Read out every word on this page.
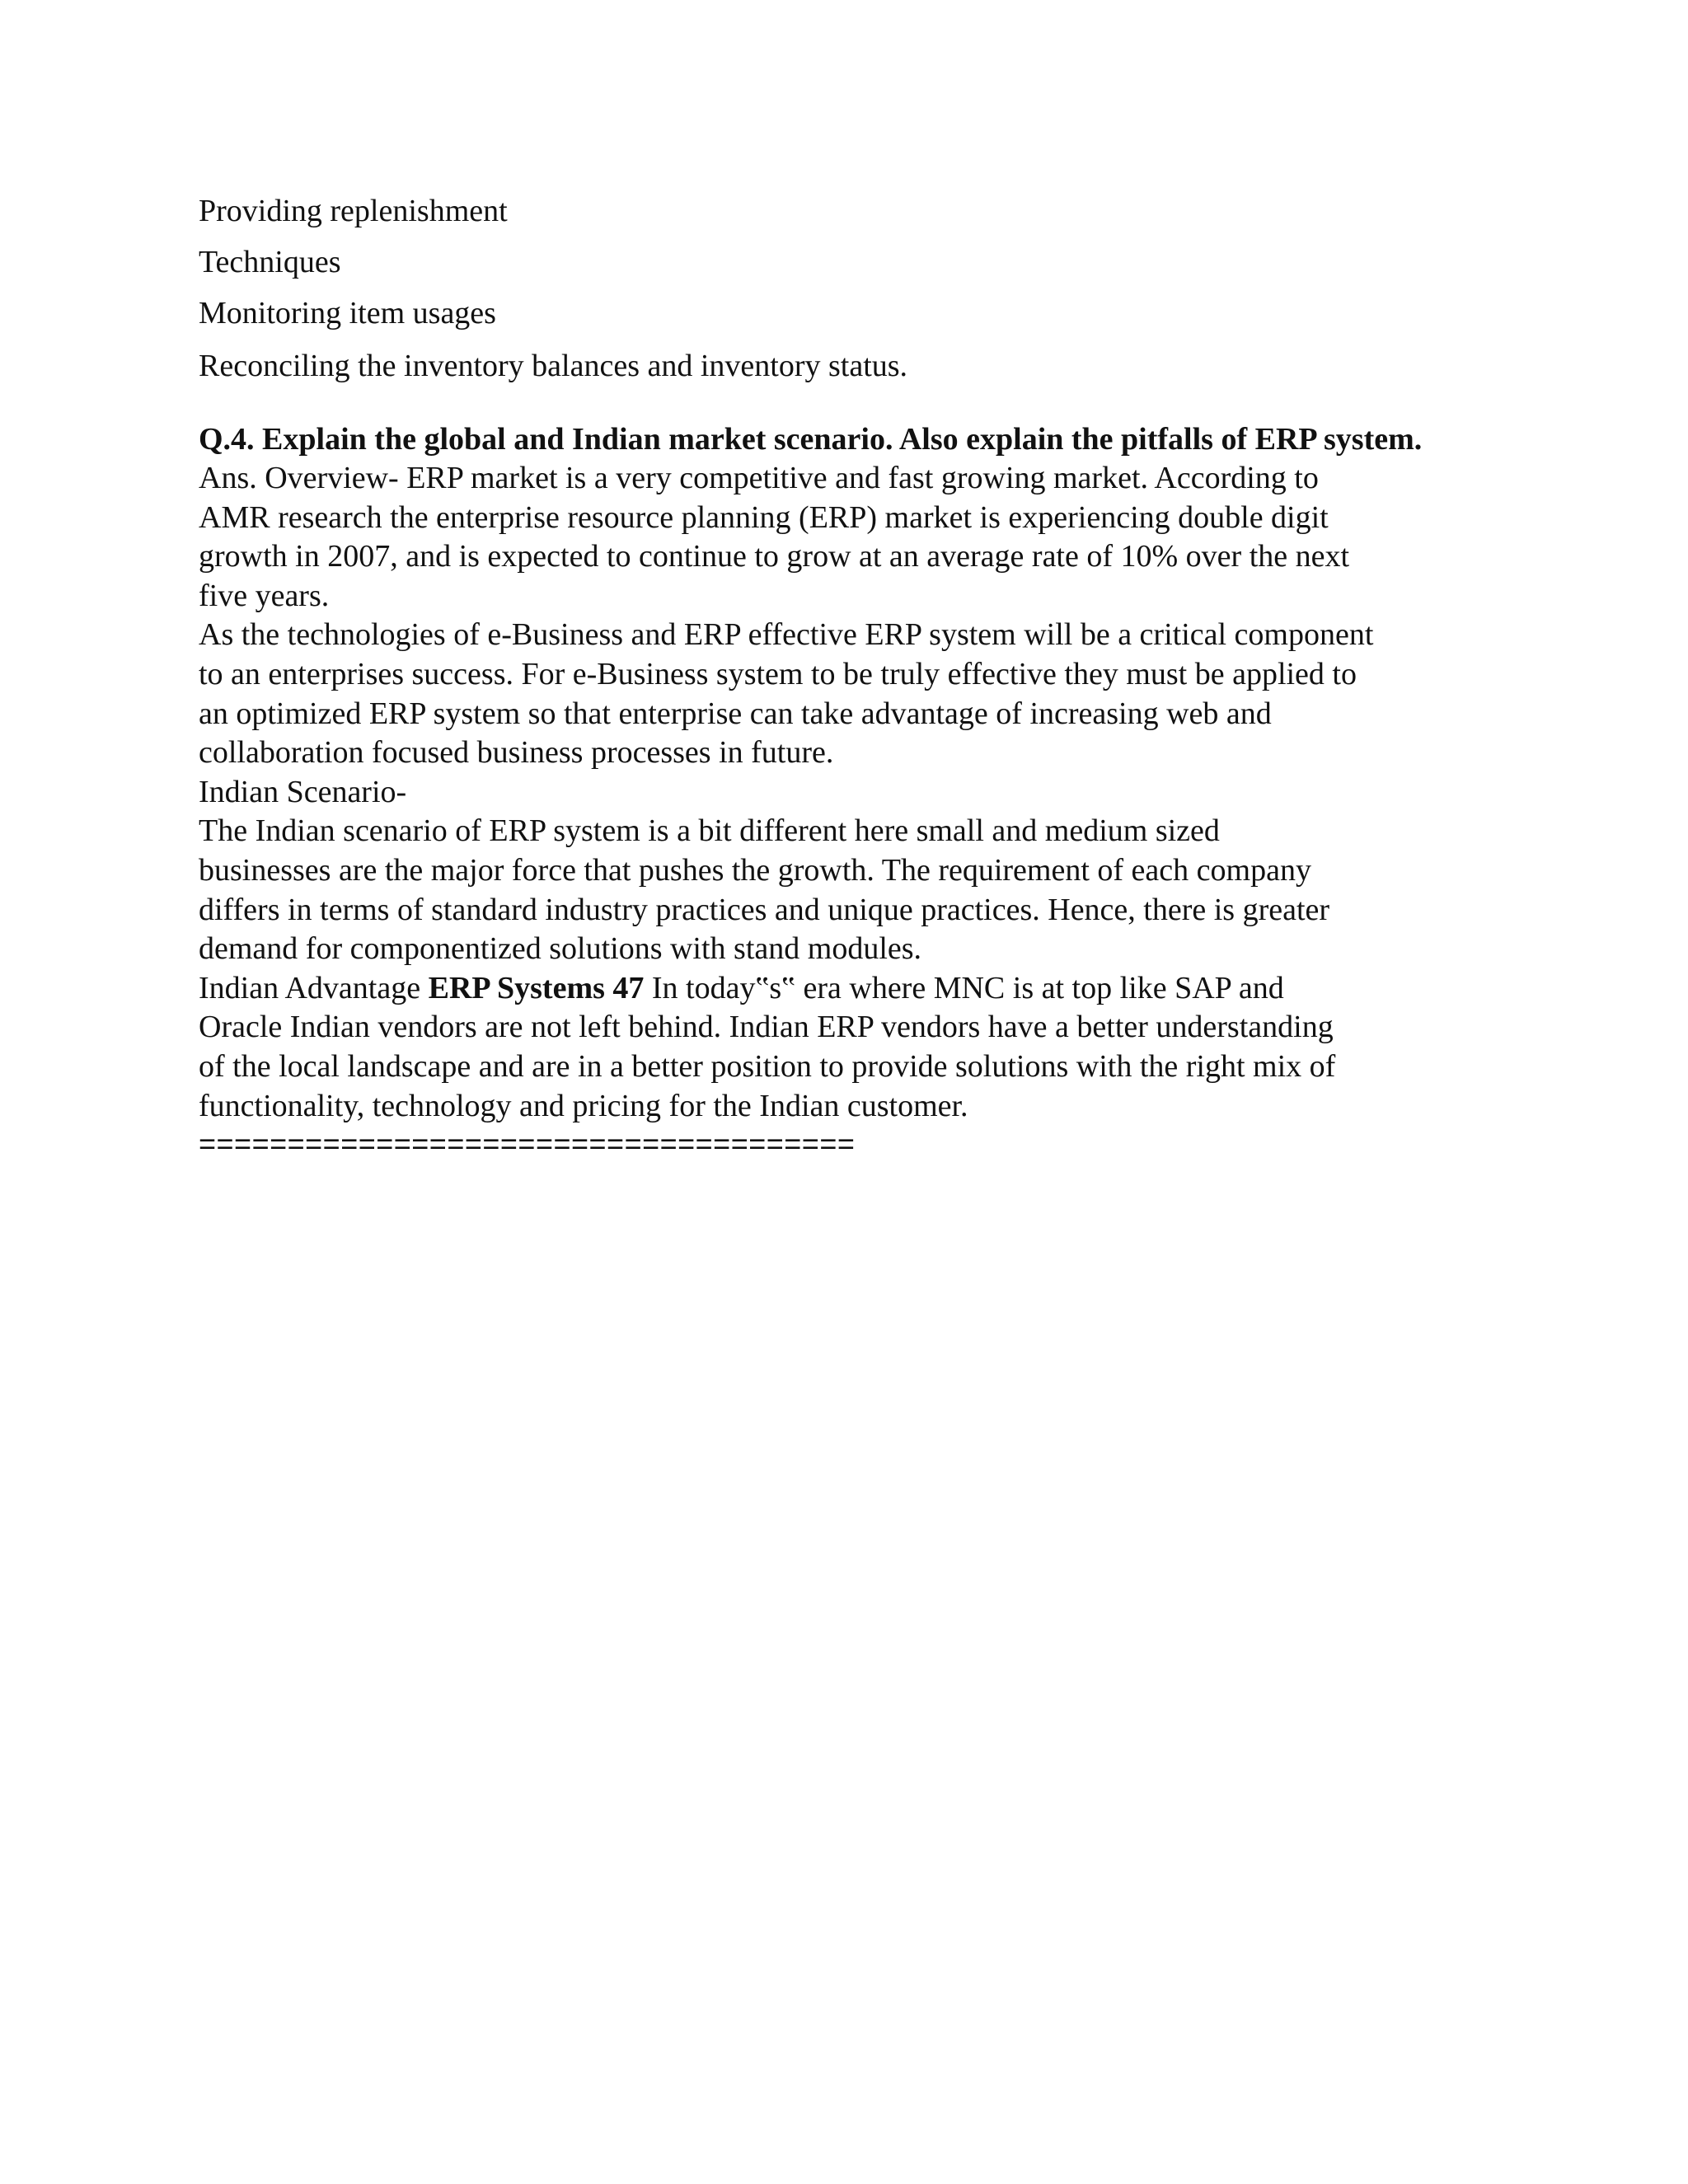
Providing replenishment

Techniques

Monitoring item usages

Reconciling the inventory balances and inventory status.

Q.4. Explain the global and Indian market scenario. Also explain the pitfalls of ERP system.

Ans. Overview- ERP market is a very competitive and fast growing market. According to

AMR research the enterprise resource planning (ERP) market is experiencing double digit

growth in 2007, and is expected to continue to grow at an average rate of 10% over the next

five years.

As the technologies of e-Business and ERP effective ERP system will be a critical component

to an enterprises success. For e-Business system to be truly effective they must be applied to

an optimized ERP system so that enterprise can take advantage of increasing web and

collaboration focused business processes in future.

Indian Scenario-

The Indian scenario of ERP system is a bit different here small and medium sized

businesses are the major force that pushes the growth. The requirement of each company

differs in terms of standard industry practices and unique practices. Hence, there is greater

demand for componentized solutions with stand modules.

Indian Advantage ERP Systems 47 In today‟s‟ era where MNC is at top like SAP and

Oracle Indian vendors are not left behind. Indian ERP vendors have a better understanding

of the local landscape and are in a better position to provide solutions with the right mix of

functionality, technology and pricing for the Indian customer.

=====================================
